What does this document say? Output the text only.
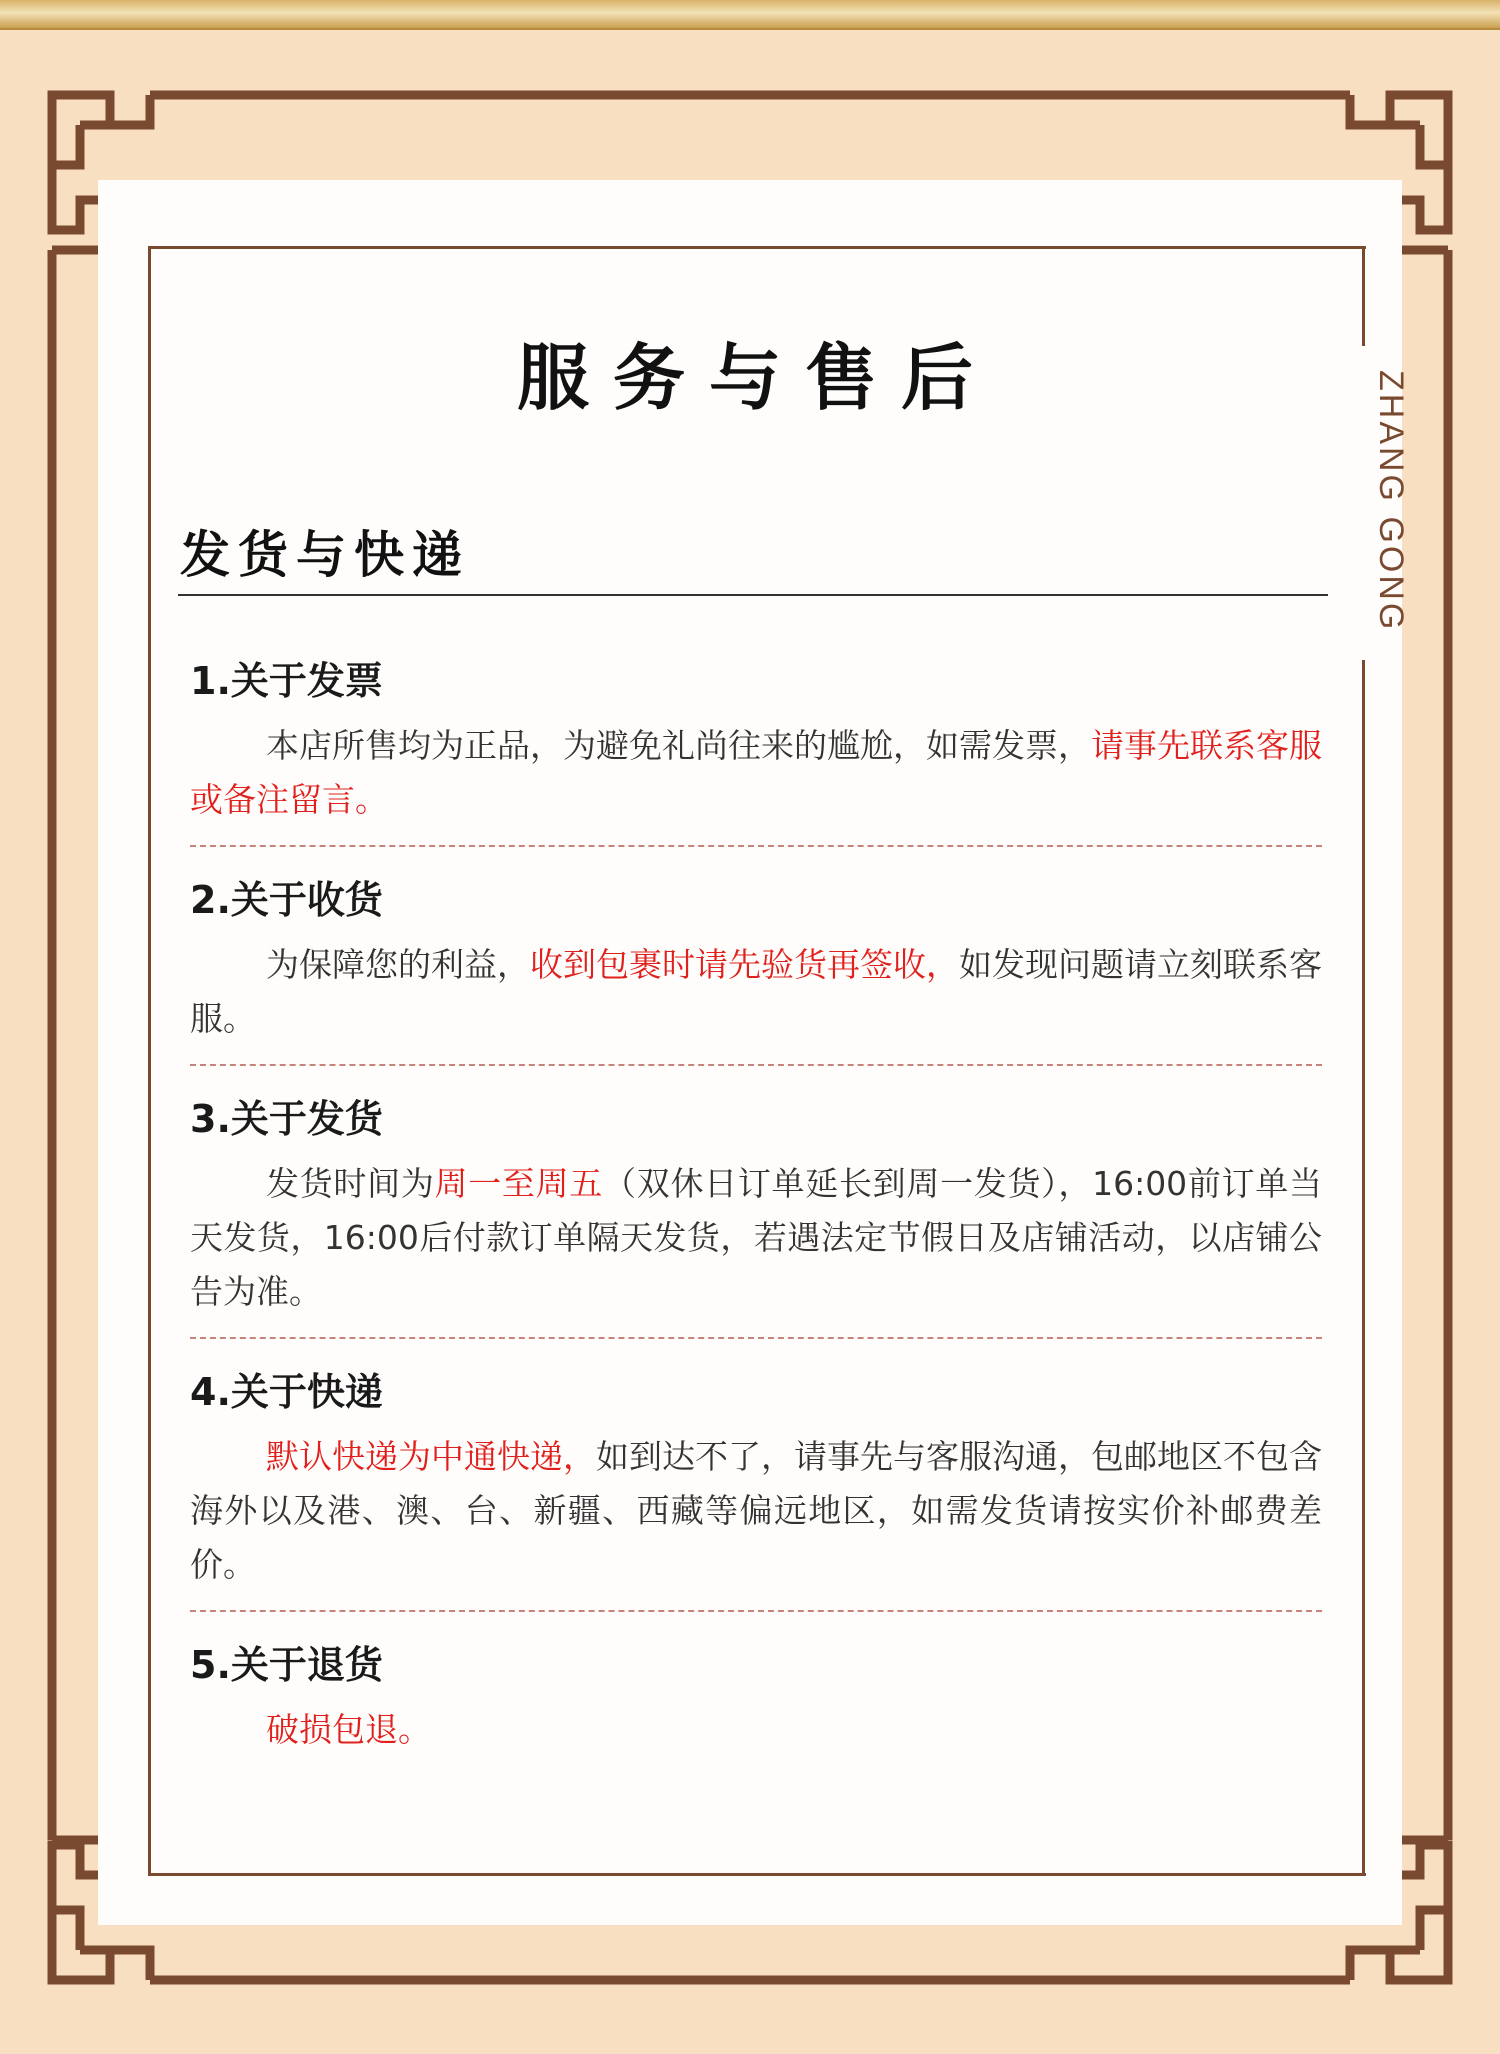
ZHANG GONG
服务与售后
发货与快递
1.关于发票

本店所售均为正品，为避免礼尚往来的尴尬，如需发票，请事先联系客服或备注留言。

2.关于收货

为保障您的利益，收到包裹时请先验货再签收，如发现问题请立刻联系客服。

3.关于发货

发货时间为周一至周五（双休日订单延长到周一发货），16:00前订单当天发货，16:00后付款订单隔天发货，若遇法定节假日及店铺活动，以店铺公告为准。

4.关于快递

默认快递为中通快递，如到达不了，请事先与客服沟通，包邮地区不包含海外以及港、澳、台、新疆、西藏等偏远地区，如需发货请按实价补邮费差价。

5.关于退货

破损包退。
